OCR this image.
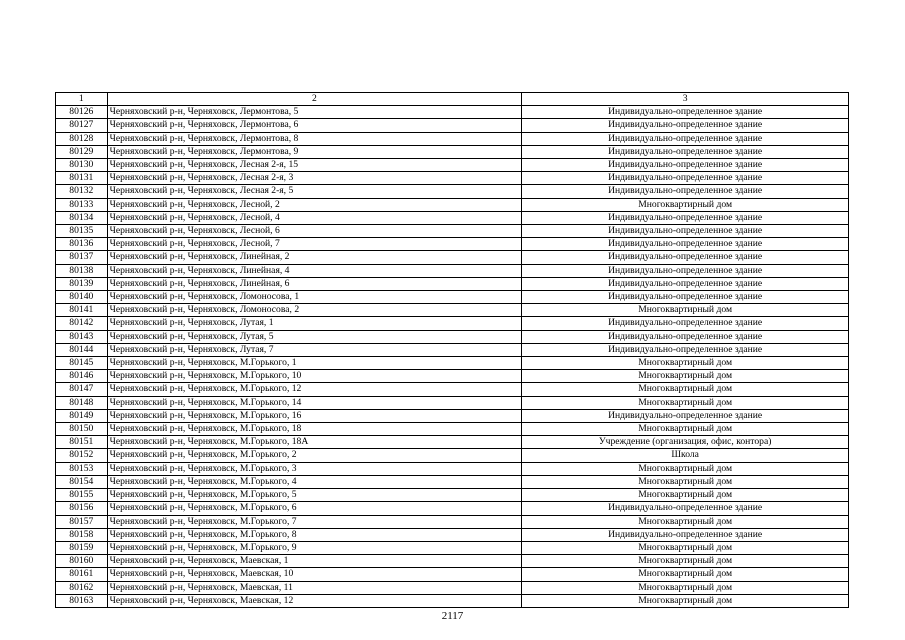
1	2	3
80126	Черняховский р-н, Черняховск, Лермонтова, 5	Индивидуально-определенное здание
80127	Черняховский р-н, Черняховск, Лермонтова, 6	Индивидуально-определенное здание
80128	Черняховский р-н, Черняховск, Лермонтова, 8	Индивидуально-определенное здание
80129	Черняховский р-н, Черняховск, Лермонтова, 9	Индивидуально-определенное здание
80130	Черняховский р-н, Черняховск, Лесная 2-я, 15	Индивидуально-определенное здание
80131	Черняховский р-н, Черняховск, Лесная 2-я, 3	Индивидуально-определенное здание
80132	Черняховский р-н, Черняховск, Лесная 2-я, 5	Индивидуально-определенное здание
80133	Черняховский р-н, Черняховск, Лесной, 2	Многоквартирный дом
80134	Черняховский р-н, Черняховск, Лесной, 4	Индивидуально-определенное здание
80135	Черняховский р-н, Черняховск, Лесной, 6	Индивидуально-определенное здание
80136	Черняховский р-н, Черняховск, Лесной, 7	Индивидуально-определенное здание
80137	Черняховский р-н, Черняховск, Линейная, 2	Индивидуально-определенное здание
80138	Черняховский р-н, Черняховск, Линейная, 4	Индивидуально-определенное здание
80139	Черняховский р-н, Черняховск, Линейная, 6	Индивидуально-определенное здание
80140	Черняховский р-н, Черняховск, Ломоносова, 1	Индивидуально-определенное здание
80141	Черняховский р-н, Черняховск, Ломоносова, 2	Многоквартирный дом
80142	Черняховский р-н, Черняховск, Лутая, 1	Индивидуально-определенное здание
80143	Черняховский р-н, Черняховск, Лутая, 5	Индивидуально-определенное здание
80144	Черняховский р-н, Черняховск, Лутая, 7	Индивидуально-определенное здание
80145	Черняховский р-н, Черняховск, М.Горького, 1	Многоквартирный дом
80146	Черняховский р-н, Черняховск, М.Горького, 10	Многоквартирный дом
80147	Черняховский р-н, Черняховск, М.Горького, 12	Многоквартирный дом
80148	Черняховский р-н, Черняховск, М.Горького, 14	Многоквартирный дом
80149	Черняховский р-н, Черняховск, М.Горького, 16	Индивидуально-определенное здание
80150	Черняховский р-н, Черняховск, М.Горького, 18	Многоквартирный дом
80151	Черняховский р-н, Черняховск, М.Горького, 18А	Учреждение (организация, офис, контора)
80152	Черняховский р-н, Черняховск, М.Горького, 2	Школа
80153	Черняховский р-н, Черняховск, М.Горького, 3	Многоквартирный дом
80154	Черняховский р-н, Черняховск, М.Горького, 4	Многоквартирный дом
80155	Черняховский р-н, Черняховск, М.Горького, 5	Многоквартирный дом
80156	Черняховский р-н, Черняховск, М.Горького, 6	Индивидуально-определенное здание
80157	Черняховский р-н, Черняховск, М.Горького, 7	Многоквартирный дом
80158	Черняховский р-н, Черняховск, М.Горького, 8	Индивидуально-определенное здание
80159	Черняховский р-н, Черняховск, М.Горького, 9	Многоквартирный дом
80160	Черняховский р-н, Черняховск, Маевская, 1	Многоквартирный дом
80161	Черняховский р-н, Черняховск, Маевская, 10	Многоквартирный дом
80162	Черняховский р-н, Черняховск, Маевская, 11	Многоквартирный дом
80163	Черняховский р-н, Черняховск, Маевская, 12	Многоквартирный дом
2117
